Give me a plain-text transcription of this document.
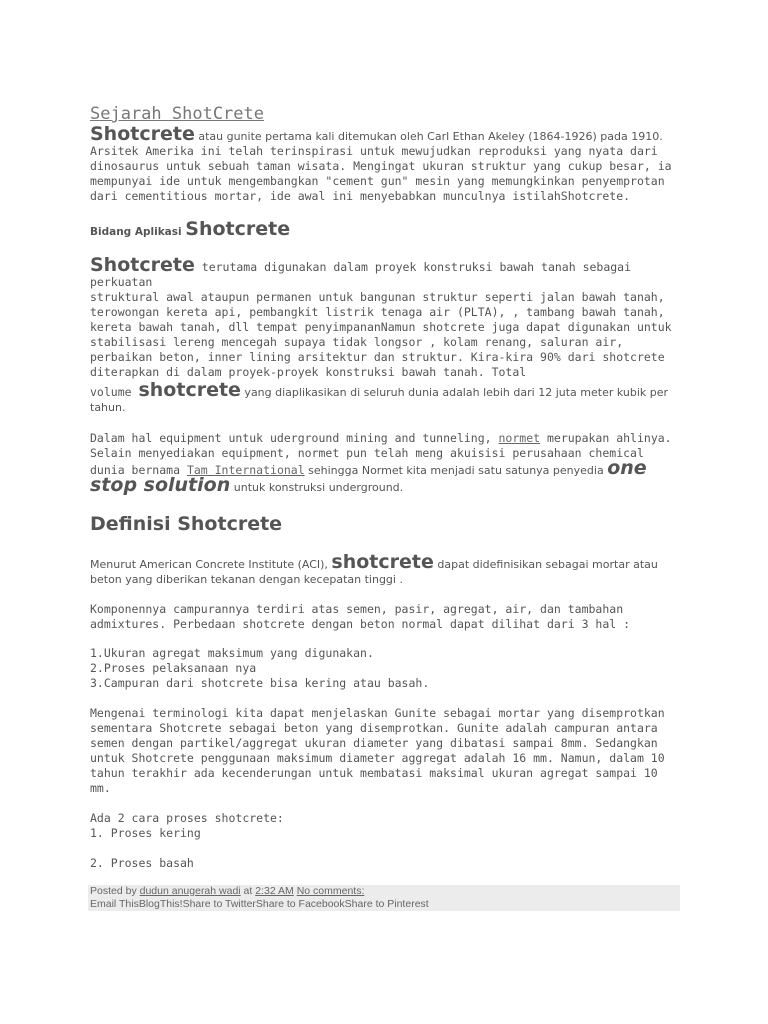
Sejarah ShotCrete

Shotcrete atau gunite pertama kali ditemukan oleh Carl Ethan Akeley (1864-1926) pada 1910.
Arsitek Amerika ini telah terinspirasi untuk mewujudkan reproduksi yang nyata dari dinosaurus untuk sebuah taman wisata. Mengingat ukuran struktur yang cukup besar, ia mempunyai ide untuk mengembangkan "cement gun" mesin yang memungkinkan penyemprotan dari cementitious mortar, ide awal ini menyebabkan munculnya istilahShotcrete.

Bidang Aplikasi Shotcrete

Shotcrete terutama digunakan dalam proyek konstruksi bawah tanah sebagai perkuatan
struktural awal ataupun permanen untuk bangunan struktur seperti jalan bawah tanah, terowongan kereta api, pembangkit listrik tenaga air (PLTA), , tambang bawah tanah, kereta bawah tanah, dll tempat penyimpananNamun shotcrete juga dapat digunakan untuk stabilisasi lereng mencegah supaya tidak longsor , kolam renang, saluran air, perbaikan beton, inner lining arsitektur dan struktur. Kira-kira 90% dari shotcrete diterapkan di dalam proyek-proyek konstruksi bawah tanah. Total

volume shotcrete yang diaplikasikan di seluruh dunia adalah lebih dari 12 juta meter kubik per tahun.

Dalam hal equipment untuk uderground mining and tunneling, normet merupakan ahlinya. Selain menyediakan equipment, normet pun telah meng akuisisi perusahaan chemical dunia bernama Tam International sehingga Normet kita menjadi satu satunya penyedia one stop solution untuk konstruksi underground.

Definisi Shotcrete

Menurut American Concrete Institute (ACI), shotcrete dapat didefinisikan sebagai mortar atau beton yang diberikan tekanan dengan kecepatan tinggi .

Komponennya campurannya terdiri atas semen, pasir, agregat, air, dan tambahan admixtures. Perbedaan shotcrete dengan beton normal dapat dilihat dari 3 hal :

1.Ukuran agregat maksimum yang digunakan.
2.Proses pelaksanaan nya
3.Campuran dari shotcrete bisa kering atau basah.

Mengenai terminologi kita dapat menjelaskan Gunite sebagai mortar yang disemprotkan sementara Shotcrete sebagai beton yang disemprotkan. Gunite adalah campuran antara semen dengan partikel/aggregat ukuran diameter yang dibatasi sampai 8mm. Sedangkan untuk Shotcrete penggunaan maksimum diameter aggregat adalah 16 mm. Namun, dalam 10 tahun terakhir ada kecenderungan untuk membatasi maksimal ukuran agregat sampai 10 mm.

Ada 2 cara proses shotcrete:
1. Proses kering
2. Proses basah
Posted by dudun anugerah wadi at 2:32 AM No comments:
Email ThisBlogThis!Share to TwitterShare to FacebookShare to Pinterest
